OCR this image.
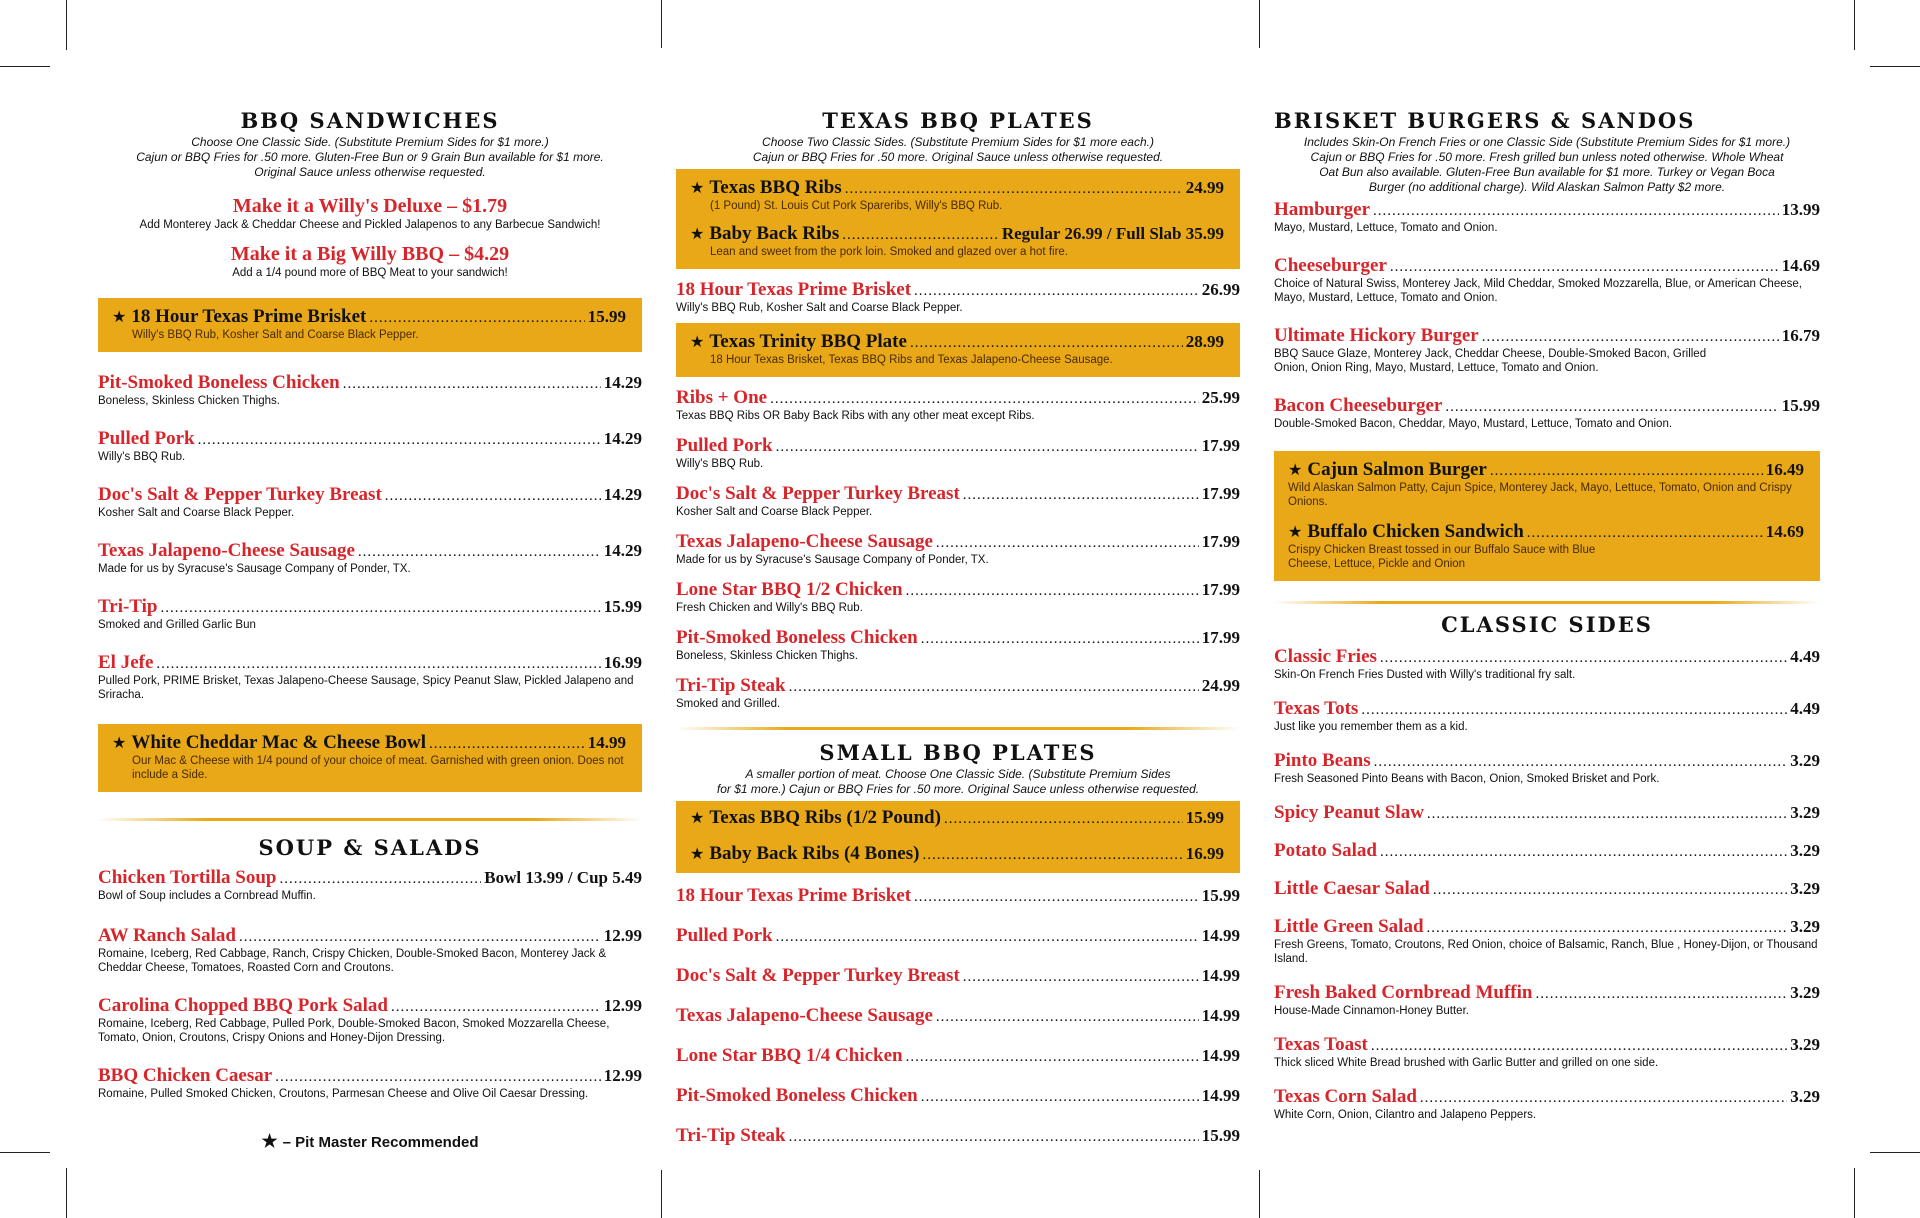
BBQ SANDWICHES
Choose One Classic Side. (Substitute Premium Sides for $1 more.)
Cajun or BBQ Fries for .50 more. Gluten-Free Bun or 9 Grain Bun available for $1 more.
Original Sauce unless otherwise requested.
Make it a Willy's Deluxe – $1.79
Add Monterey Jack & Cheddar Cheese and Pickled Jalapenos to any Barbecue Sandwich!
Make it a Big Willy BBQ – $4.29
Add a 1/4 pound more of BBQ Meat to your sandwich!
★ 18 Hour Texas Prime Brisket .....	15.99
Willy's BBQ Rub, Kosher Salt and Coarse Black Pepper.
Pit-Smoked Boneless Chicken .....	14.29
Boneless, Skinless Chicken Thighs.
Pulled Pork .....	14.29
Willy's BBQ Rub.
Doc's Salt & Pepper Turkey Breast .....	14.29
Kosher Salt and Coarse Black Pepper.
Texas Jalapeno-Cheese Sausage .....	14.29
Made for us by Syracuse's Sausage Company of Ponder, TX.
Tri-Tip .....	15.99
Smoked and Grilled Garlic Bun
El Jefe .....	16.99
Pulled Pork, PRIME Brisket, Texas Jalapeno-Cheese Sausage, Spicy Peanut Slaw, Pickled Jalapeno and Sriracha.
★ White Cheddar Mac & Cheese Bowl .....	14.99
Our Mac & Cheese with 1/4 pound of your choice of meat. Garnished with green onion. Does not include a Side.
SOUP & SALADS
Chicken Tortilla Soup .....	Bowl 13.99 / Cup 5.49
Bowl of Soup includes a Cornbread Muffin.
AW Ranch Salad .....	12.99
Romaine, Iceberg, Red Cabbage, Ranch, Crispy Chicken, Double-Smoked Bacon, Monterey Jack & Cheddar Cheese, Tomatoes, Roasted Corn and Croutons.
Carolina Chopped BBQ Pork Salad .....	12.99
Romaine, Iceberg, Red Cabbage, Pulled Pork, Double-Smoked Bacon, Smoked Mozzarella Cheese, Tomato, Onion, Croutons, Crispy Onions and Honey-Dijon Dressing.
BBQ Chicken Caesar .....	12.99
Romaine, Pulled Smoked Chicken, Croutons, Parmesan Cheese and Olive Oil Caesar Dressing.
★ – Pit Master Recommended
TEXAS BBQ PLATES
Choose Two Classic Sides. (Substitute Premium Sides for $1 more each.)
Cajun or BBQ Fries for .50 more. Original Sauce unless otherwise requested.
★ Texas BBQ Ribs .....	24.99
(1 Pound) St. Louis Cut Pork Spareribs, Willy's BBQ Rub.
★ Baby Back Ribs .....	Regular 26.99 / Full Slab 35.99
Lean and sweet from the pork loin. Smoked and glazed over a hot fire.
18 Hour Texas Prime Brisket .....	26.99
Willy's BBQ Rub, Kosher Salt and Coarse Black Pepper.
★ Texas Trinity BBQ Plate .....	28.99
18 Hour Texas Brisket, Texas BBQ Ribs and Texas Jalapeno-Cheese Sausage.
Ribs + One .....	25.99
Texas BBQ Ribs OR Baby Back Ribs with any other meat except Ribs.
Pulled Pork .....	17.99
Willy's BBQ Rub.
Doc's Salt & Pepper Turkey Breast .....	17.99
Kosher Salt and Coarse Black Pepper.
Texas Jalapeno-Cheese Sausage .....	17.99
Made for us by Syracuse's Sausage Company of Ponder, TX.
Lone Star BBQ 1/2 Chicken .....	17.99
Fresh Chicken and Willy's BBQ Rub.
Pit-Smoked Boneless Chicken .....	17.99
Boneless, Skinless Chicken Thighs.
Tri-Tip Steak .....	24.99
Smoked and Grilled.
SMALL BBQ PLATES
A smaller portion of meat. Choose One Classic Side. (Substitute Premium Sides
for $1 more.) Cajun or BBQ Fries for .50 more. Original Sauce unless otherwise requested.
★ Texas BBQ Ribs (1/2 Pound) .....	15.99
★ Baby Back Ribs (4 Bones) .....	16.99
18 Hour Texas Prime Brisket .....	15.99
Pulled Pork .....	14.99
Doc's Salt & Pepper Turkey Breast .....	14.99
Texas Jalapeno-Cheese Sausage .....	14.99
Lone Star BBQ 1/4 Chicken .....	14.99
Pit-Smoked Boneless Chicken .....	14.99
Tri-Tip Steak .....	15.99
BRISKET BURGERS & SANDOS
Includes Skin-On French Fries or one Classic Side (Substitute Premium Sides for $1 more.)
Cajun or BBQ Fries for .50 more. Fresh grilled bun unless noted otherwise. Whole Wheat
Oat Bun also available. Gluten-Free Bun available for $1 more. Turkey or Vegan Boca
Burger (no additional charge). Wild Alaskan Salmon Patty $2 more.
Hamburger .....	13.99
Mayo, Mustard, Lettuce, Tomato and Onion.
Cheeseburger .....	14.69
Choice of Natural Swiss, Monterey Jack, Mild Cheddar, Smoked Mozzarella, Blue, or American Cheese, Mayo, Mustard, Lettuce, Tomato and Onion.
Ultimate Hickory Burger .....	16.79
BBQ Sauce Glaze, Monterey Jack, Cheddar Cheese, Double-Smoked Bacon, Grilled Onion, Onion Ring, Mayo, Mustard, Lettuce, Tomato and Onion.
Bacon Cheeseburger .....	15.99
Double-Smoked Bacon, Cheddar, Mayo, Mustard, Lettuce, Tomato and Onion.
★ Cajun Salmon Burger .....	16.49
Wild Alaskan Salmon Patty, Cajun Spice, Monterey Jack, Mayo, Lettuce, Tomato, Onion and Crispy Onions.
★ Buffalo Chicken Sandwich .....	14.69
Crispy Chicken Breast tossed in our Buffalo Sauce with Blue Cheese, Lettuce, Pickle and Onion
CLASSIC SIDES
Classic Fries .....	4.49
Skin-On French Fries Dusted with Willy's traditional fry salt.
Texas Tots .....	4.49
Just like you remember them as a kid.
Pinto Beans .....	3.29
Fresh Seasoned Pinto Beans with Bacon, Onion, Smoked Brisket and Pork.
Spicy Peanut Slaw .....	3.29
Potato Salad .....	3.29
Little Caesar Salad .....	3.29
Little Green Salad .....	3.29
Fresh Greens, Tomato, Croutons, Red Onion, choice of Balsamic, Ranch, Blue , Honey-Dijon, or Thousand Island.
Fresh Baked Cornbread Muffin .....	3.29
House-Made Cinnamon-Honey Butter.
Texas Toast .....	3.29
Thick sliced White Bread brushed with Garlic Butter and grilled on one side.
Texas Corn Salad .....	3.29
White Corn, Onion, Cilantro and Jalapeno Peppers.
